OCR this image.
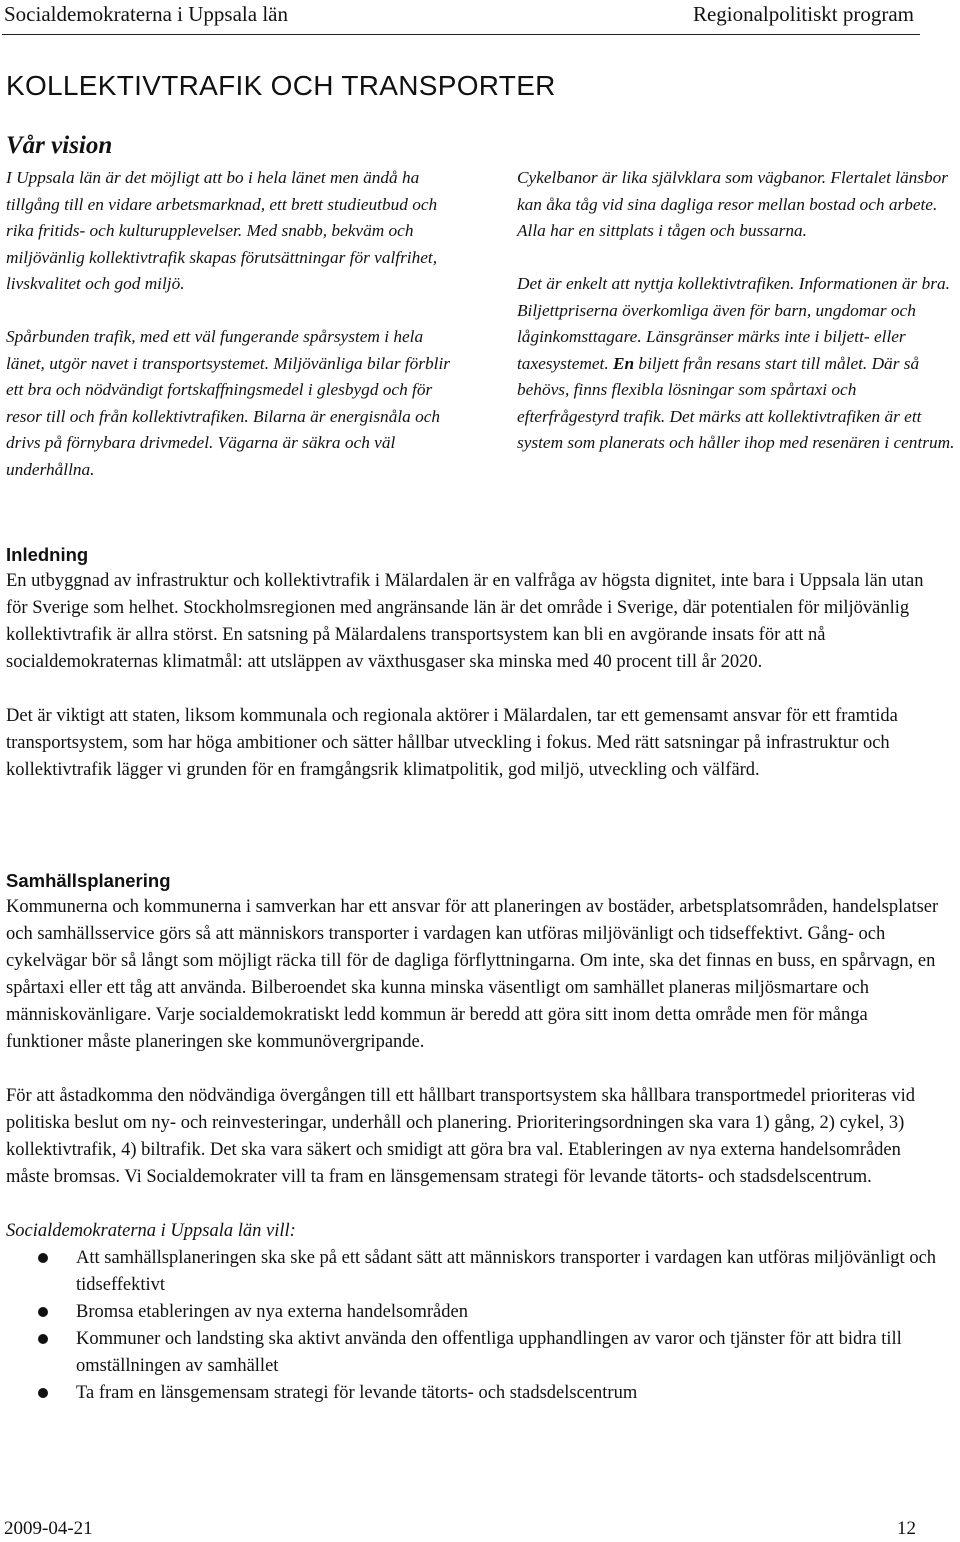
Socialdemokraterna i Uppsala län	Regionalpolitiskt program
KOLLEKTIVTRAFIK OCH TRANSPORTER
Vår vision

I Uppsala län är det möjligt att bo i hela länet men ändå ha tillgång till en vidare arbetsmarknad, ett brett studieutbud och rika fritids- och kulturupplevelser. Med snabb, bekväm och miljövänlig kollektivtrafik skapas förutsättningar för valfrihet, livskvalitet och god miljö.

Spårbunden trafik, med ett väl fungerande spårsystem i hela länet, utgör navet i transportsystemet. Miljövänliga bilar förblir ett bra och nödvändigt fortskaffningsmedel i glesbygd och för resor till och från kollektivtrafiken. Bilarna är energisnåla och drivs på förnybara drivmedel. Vägarna är säkra och väl underhållna.

Cykelbanor är lika självklara som vägbanor. Flertalet länsbor kan åka tåg vid sina dagliga resor mellan bostad och arbete. Alla har en sittplats i tågen och bussarna.

Det är enkelt att nyttja kollektivtrafiken. Informationen är bra. Biljettpriserna överkomliga även för barn, ungdomar och låginkomsttagare. Länsgränser märks inte i biljett- eller taxesystemet. En biljett från resans start till målet. Där så behövs, finns flexibla lösningar som spårtaxi och efterfrågestyrd trafik. Det märks att kollektivtrafiken är ett system som planerats och håller ihop med resenären i centrum.

Inledning

En utbyggnad av infrastruktur och kollektivtrafik i Mälardalen är en valfråga av högsta dignitet, inte bara i Uppsala län utan för Sverige som helhet. Stockholmsregionen med angränsande län är det område i Sverige, där potentialen för miljövänlig kollektivtrafik är allra störst. En satsning på Mälardalens transportsystem kan bli en avgörande insats för att nå socialdemokraternas klimatmål: att utsläppen av växthusgaser ska minska med 40 procent till år 2020.

Det är viktigt att staten, liksom kommunala och regionala aktörer i Mälardalen, tar ett gemensamt ansvar för ett framtida transportsystem, som har höga ambitioner och sätter hållbar utveckling i fokus. Med rätt satsningar på infrastruktur och kollektivtrafik lägger vi grunden för en framgångsrik klimatpolitik, god miljö, utveckling och välfärd.

Samhällsplanering

Kommunerna och kommunerna i samverkan har ett ansvar för att planeringen av bostäder, arbetsplatsområden, handelsplatser och samhällsservice görs så att människors transporter i vardagen kan utföras miljövänligt och tidseffektivt. Gång- och cykelvägar bör så långt som möjligt räcka till för de dagliga förflyttningarna. Om inte, ska det finnas en buss, en spårvagn, en spårtaxi eller ett tåg att använda. Bilberoendet ska kunna minska väsentligt om samhället planeras miljösmartare och människovänligare. Varje socialdemokratiskt ledd kommun är beredd att göra sitt inom detta område men för många funktioner måste planeringen ske kommunövergripande.

För att åstadkomma den nödvändiga övergången till ett hållbart transportsystem ska hållbara transportmedel prioriteras vid politiska beslut om ny- och reinvesteringar, underhåll och planering. Prioriteringsordningen ska vara 1) gång, 2) cykel, 3) kollektivtrafik, 4) biltrafik. Det ska vara säkert och smidigt att göra bra val. Etableringen av nya externa handelsområden måste bromsas. Vi Socialdemokrater vill ta fram en länsgemensam strategi för levande tätorts- och stadsdelscentrum.

Socialdemokraterna i Uppsala län vill:

Att samhällsplaneringen ska ske på ett sådant sätt att människors transporter i vardagen kan utföras miljövänligt och tidseffektivt
Bromsa etableringen av nya externa handelsområden
Kommuner och landsting ska aktivt använda den offentliga upphandlingen av varor och tjänster för att bidra till omställningen av samhället
Ta fram en länsgemensam strategi för levande tätorts- och stadsdelscentrum
2009-04-21	12
